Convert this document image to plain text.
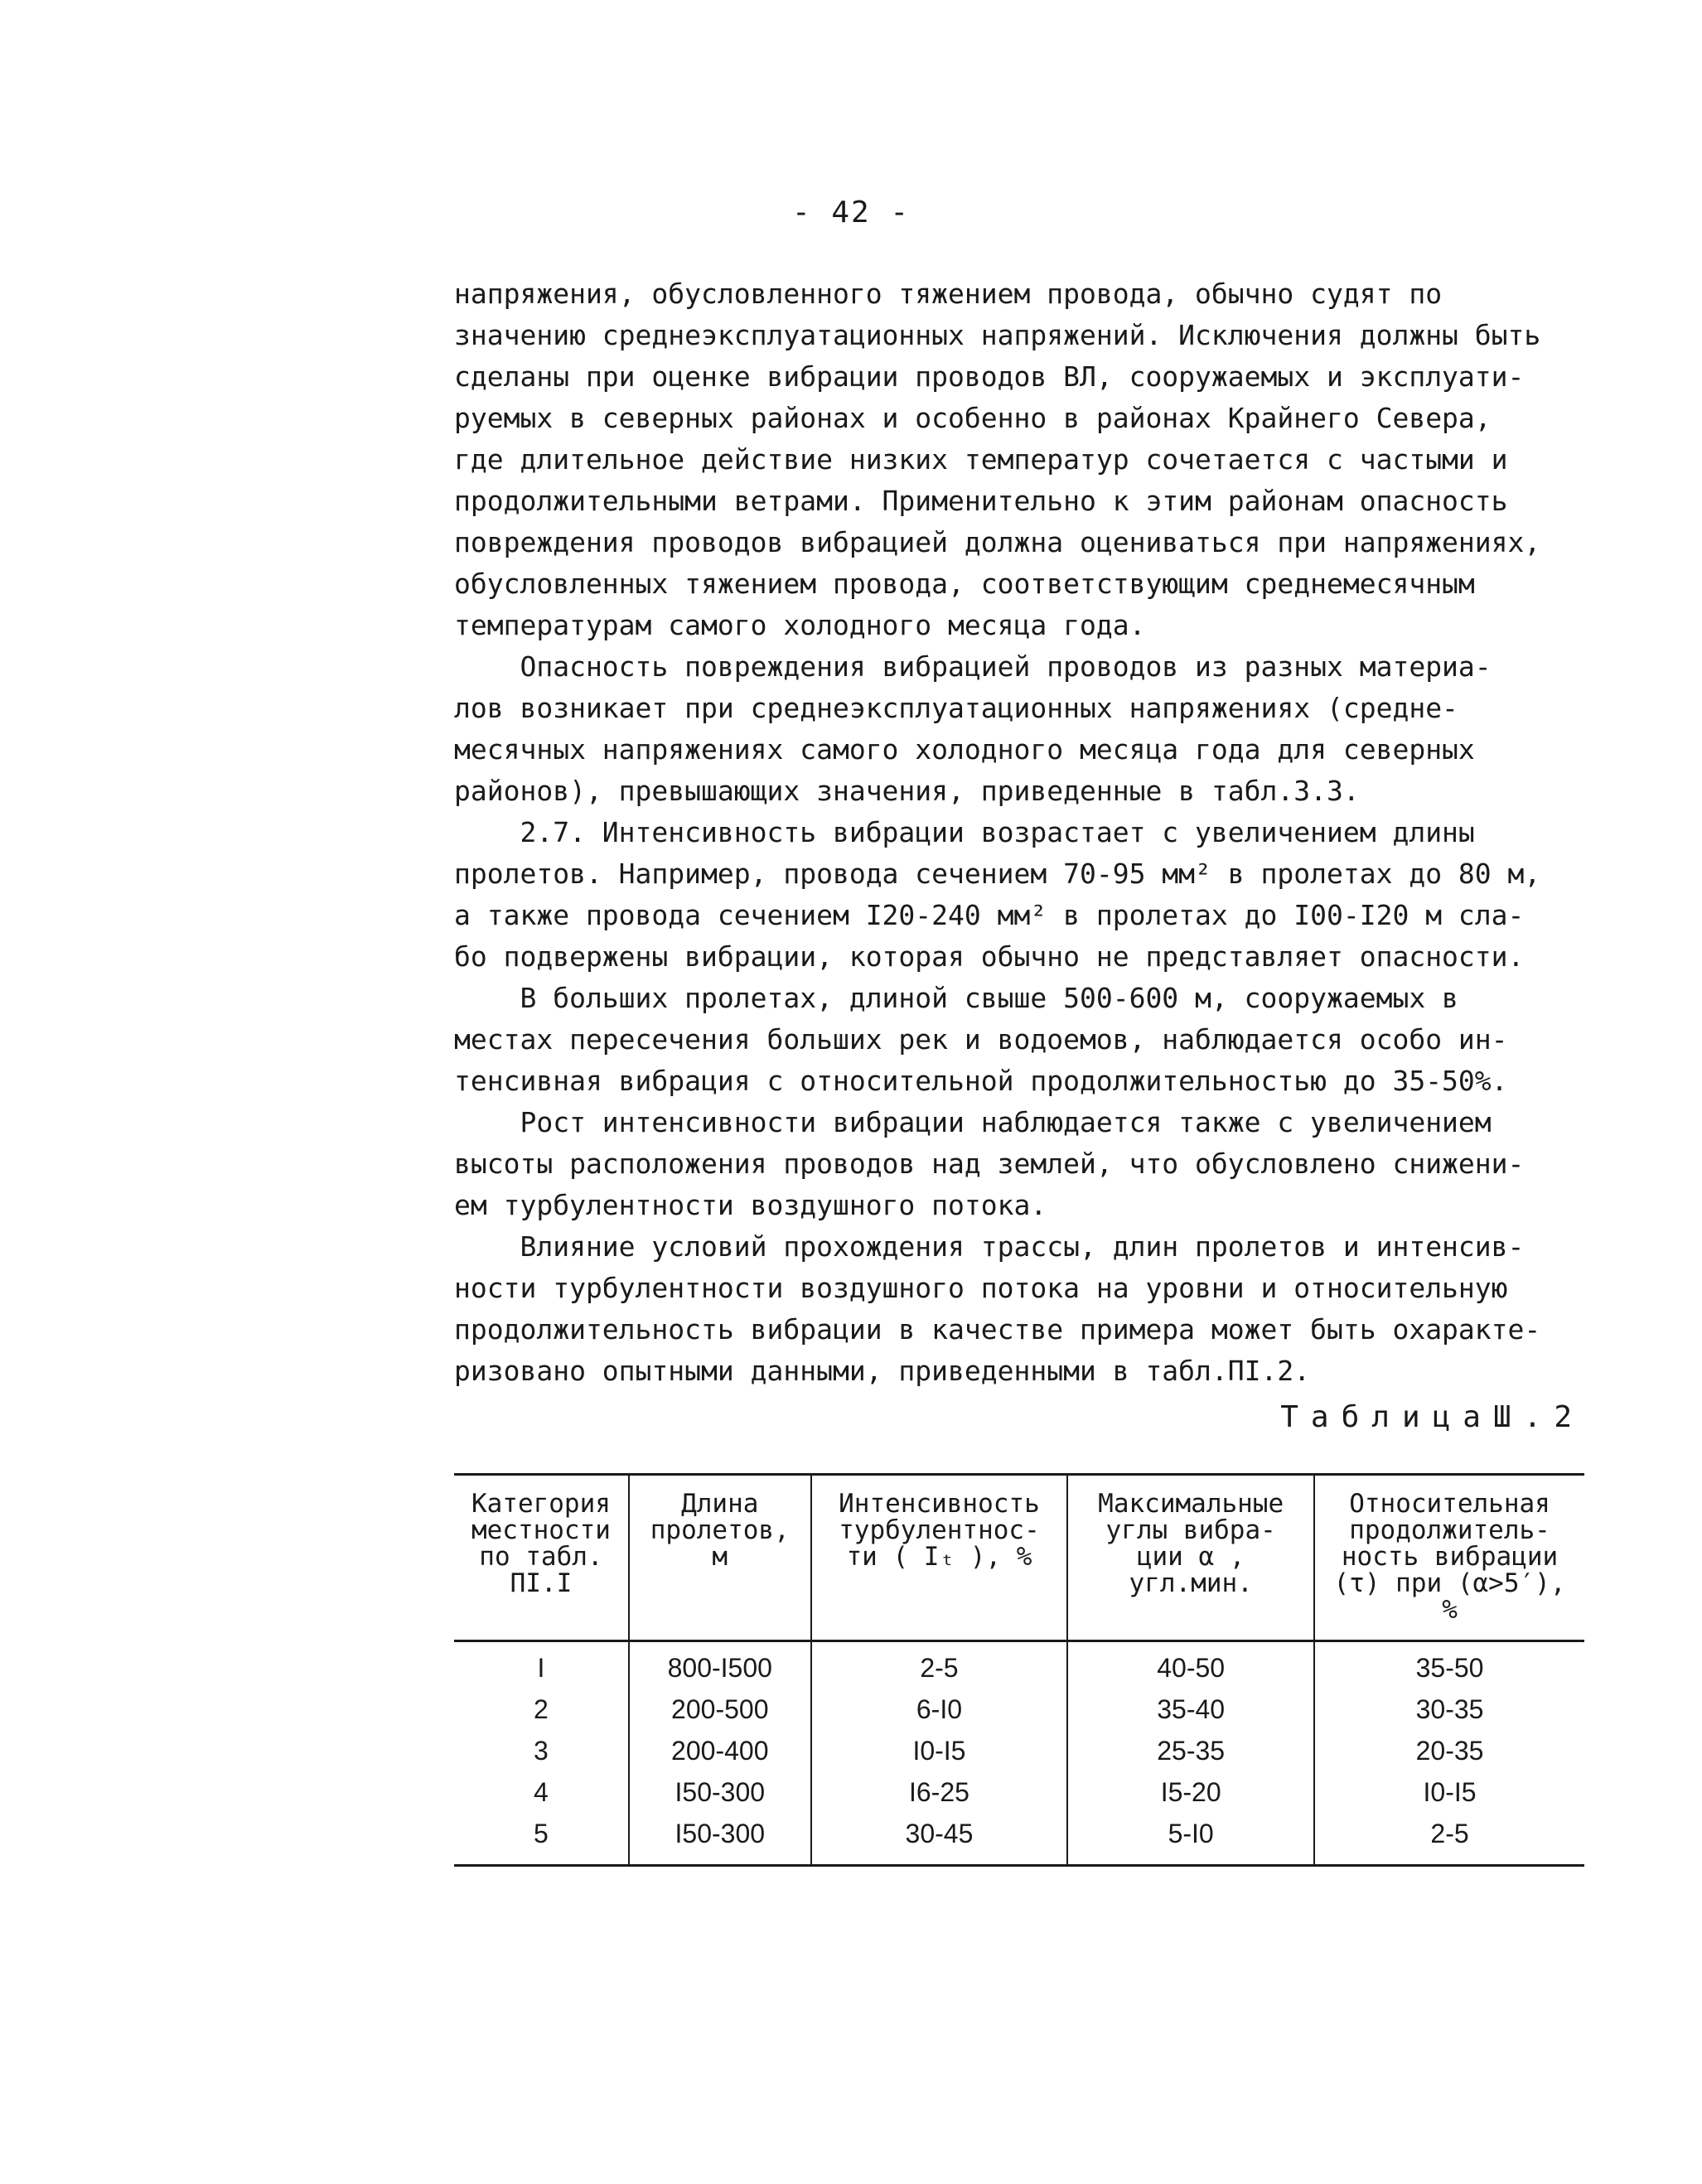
- 42 -

напряжения, обусловленного тяжением провода, обычно судят по
значению среднеэксплуатационных напряжений. Исключения должны быть
сделаны при оценке вибрации проводов ВЛ, сооружаемых и эксплуати-
руемых в северных районах и особенно в районах Крайнего Севера,
где длительное действие низких температур сочетается с частыми и
продолжительными ветрами. Применительно к этим районам опасность
повреждения проводов вибрацией должна оцениваться при напряжениях,
обусловленных тяжением провода, соответствующим среднемесячным
температурам самого холодного месяца года.

Опасность повреждения вибрацией проводов из разных материа-
лов возникает при среднеэксплуатационных напряжениях (средне-
месячных напряжениях самого холодного месяца года для северных
районов), превышающих значения, приведенные в табл.3.3.

2.7. Интенсивность вибрации возрастает с увеличением длины
пролетов. Например, провода сечением 70-95 мм² в пролетах до 80 м,
а также провода сечением I20-240 мм² в пролетах до I00-I20 м сла-
бо подвержены вибрации, которая обычно не представляет опасности.

В больших пролетах, длиной свыше 500-600 м, сооружаемых в
местах пересечения больших рек и водоемов, наблюдается особо ин-
тенсивная вибрация с относительной продолжительностью до 35-50%.

Рост интенсивности вибрации наблюдается также с увеличением
высоты расположения проводов над землей, что обусловлено снижени-
ем турбулентности воздушного потока.

Влияние условий прохождения трассы, длин пролетов и интенсив-
ности турбулентности воздушного потока на уровни и относительную
продолжительность вибрации в качестве примера может быть охаракте-
ризовано опытными данными, приведенными в табл.ПI.2.

ТаблицаШ.2
Категория
местности
по табл.
ПI.I	Длина
пролетов,
м	Интенсивность
турбулентнос-
ти ( Iₜ ), %	Максимальные
углы вибра-
ции α ,
угл.мин.	Относительная
продолжитель-
ность вибрации
(τ) при (α>5′),
%

I	800-I500	2-5	40-50	35-50
2	200-500	6-I0	35-40	30-35
3	200-400	I0-I5	25-35	20-35
4	I50-300	I6-25	I5-20	I0-I5
5	I50-300	30-45	5-I0	2-5
